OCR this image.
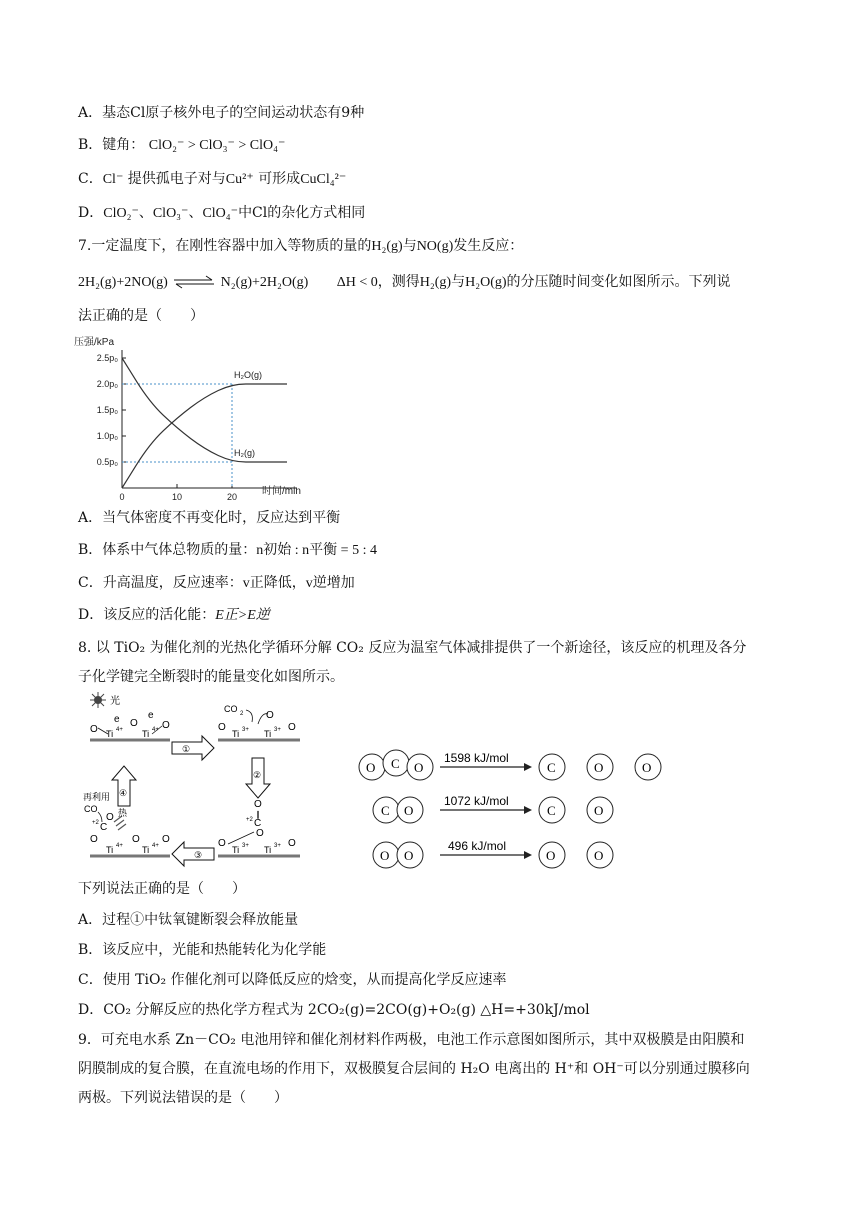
A．基态Cl原子核外电子的空间运动状态有9种
B．键角： ClO₂⁻ > ClO₃⁻ > ClO₄⁻
C．Cl⁻ 提供孤电子对与Cu²⁺ 可形成CuCl₄²⁻
D．ClO₂⁻、ClO₃⁻、ClO₄⁻中Cl的杂化方式相同
7.一定温度下，在刚性容器中加入等物质的量的H₂(g)与NO(g)发生反应：
2H₂(g)+2NO(g) ⇌ N₂(g)+2H₂O(g) ΔH < 0，测得H₂(g)与H₂O(g)的分压随时间变化如图所示。下列说
法正确的是（　　）
压强/kPa
时间/min
0.5p₀
1.0p₀
1.5p₀
2.0p₀
2.5p₀
0	10	20
H₂O(g)
H₂(g)
A．当气体密度不再变化时，反应达到平衡
B．体系中气体总物质的量：n初始 : n平衡 = 5 : 4
C．升高温度，反应速率：v正降低，v逆增加
D．该反应的活化能：E正>E逆
8. 以 TiO₂ 为催化剂的光热化学循环分解 CO₂ 反应为温室气体减排提供了一个新途径，该反应的机理及各分
子化学键完全断裂时的能量变化如图所示。
Ti 4+ Ti 4+
O
O O
e	e
光
①
Ti 3+ Ti 3+
O	O
CO 2 O
②
Ti 3+ Ti 3+
O
∥
C
+2
O
O	O
③
Ti 4+ Ti 4+
O	O O
C
+2 O
再利用
CO 热
④
O C O
1598 kJ/mol
C	O	O
C O
1072 kJ/mol
C	O
O O
496 kJ/mol
O	O
下列说法正确的是（　　）
A．过程①中钛氧键断裂会释放能量
B．该反应中，光能和热能转化为化学能
C．使用 TiO₂ 作催化剂可以降低反应的焓变，从而提高化学反应速率
D．CO₂ 分解反应的热化学方程式为 2CO₂(g)=2CO(g)+O₂(g) △H=+30kJ/mol
9．可充电水系 Zn－CO₂ 电池用锌和催化剂材料作两极，电池工作示意图如图所示，其中双极膜是由阳膜和
阴膜制成的复合膜，在直流电场的作用下，双极膜复合层间的 H₂O 电离出的 H⁺和 OH⁻可以分别通过膜移向
两极。下列说法错误的是（　　）
